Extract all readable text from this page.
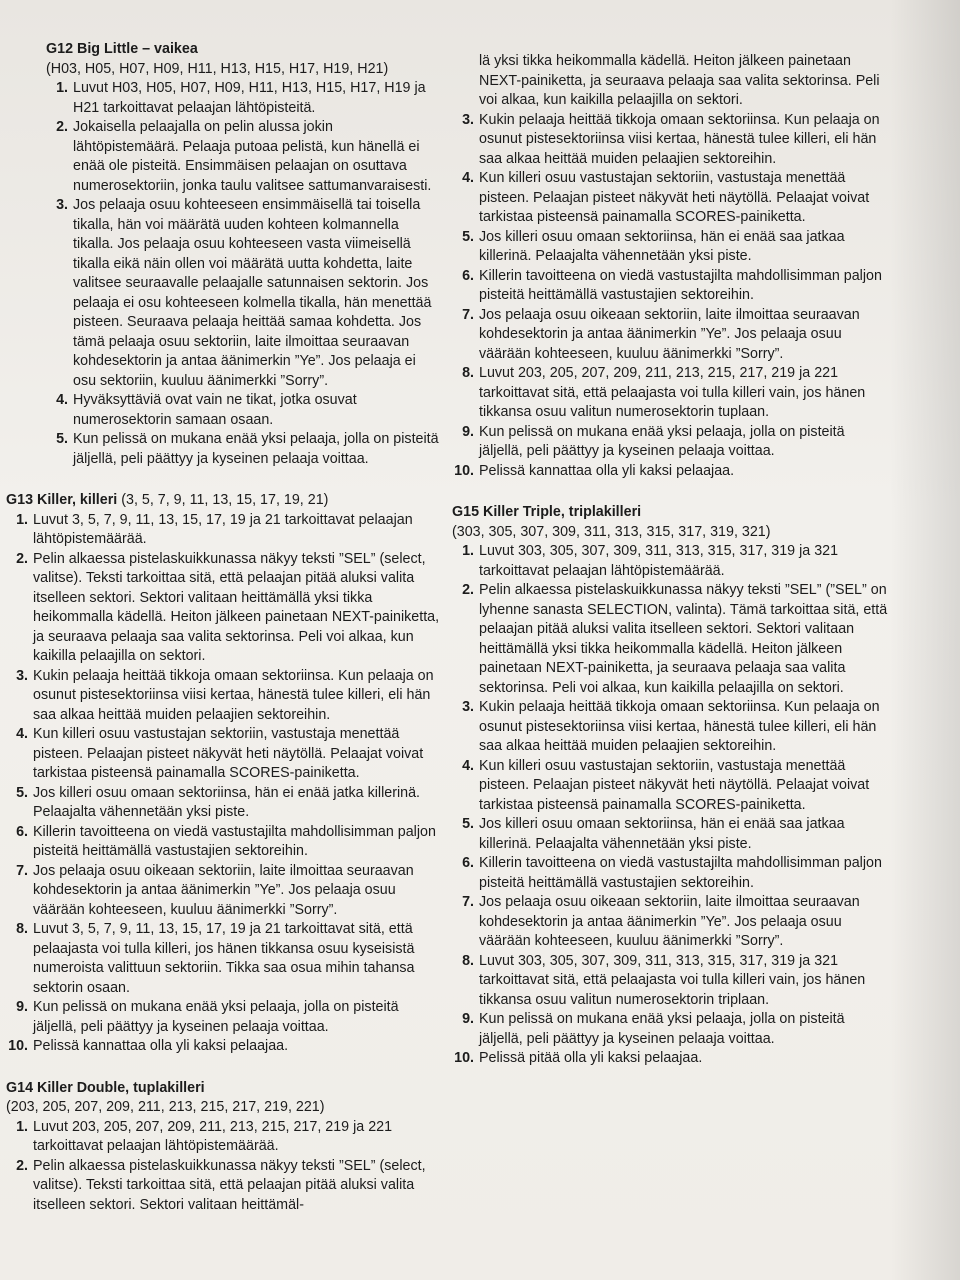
G12 Big Little – vaikea
(H03, H05, H07, H09, H11, H13, H15, H17, H19, H21)
1. Luvut H03, H05, H07, H09, H11, H13, H15, H17, H19 ja H21 tarkoittavat pelaajan lähtöpisteitä.
2. Jokaisella pelaajalla on pelin alussa jokin lähtöpistemäärä. Pelaaja putoaa pelistä, kun hänellä ei enää ole pisteitä. Ensimmäisen pelaajan on osuttava numerosektoriin, jonka taulu valitsee sattumanvaraisesti.
3. Jos pelaaja osuu kohteeseen ensimmäisellä tai toisella tikalla, hän voi määrätä uuden kohteen kolmannella tikalla. Jos pelaaja osuu kohteeseen vasta viimeisellä tikalla eikä näin ollen voi määrätä uutta kohdetta, laite valitsee seuraavalle pelaajalle satunnaisen sektorin. Jos pelaaja ei osu kohteeseen kolmella tikalla, hän menettää pisteen. Seuraava pelaaja heittää samaa kohdetta. Jos tämä pelaaja osuu sektoriin, laite ilmoittaa seuraavan kohdesektorin ja antaa äänimerkin ”Ye”. Jos pelaaja ei osu sektoriin, kuuluu äänimerkki ”Sorry”.
4. Hyväksyttäviä ovat vain ne tikat, jotka osuvat numerosektorin samaan osaan.
5. Kun pelissä on mukana enää yksi pelaaja, jolla on pisteitä jäljellä, peli päättyy ja kyseinen pelaaja voittaa.
G13 Killer, killeri (3, 5, 7, 9, 11, 13, 15, 17, 19, 21)
1. Luvut 3, 5, 7, 9, 11, 13, 15, 17, 19 ja 21 tarkoittavat pelaajan lähtöpistemäärää.
2. Pelin alkaessa pistelaskuikkunassa näkyy teksti ”SEL” (select, valitse). Teksti tarkoittaa sitä, että pelaajan pitää aluksi valita itselleen sektori. Sektori valitaan heittämällä yksi tikka heikommalla kädellä. Heiton jälkeen painetaan NEXT-painiketta, ja seuraava pelaaja saa valita sektorinsa. Peli voi alkaa, kun kaikilla pelaajilla on sektori.
3. Kukin pelaaja heittää tikkoja omaan sektoriinsa. Kun pelaaja on osunut pistesektoriinsa viisi kertaa, hänestä tulee killeri, eli hän saa alkaa heittää muiden pelaajien sektoreihin.
4. Kun killeri osuu vastustajan sektoriin, vastustaja menettää pisteen. Pelaajan pisteet näkyvät heti näytöllä. Pelaajat voivat tarkistaa pisteensä painamalla SCORES-painiketta.
5. Jos killeri osuu omaan sektoriinsa, hän ei enää jatka killerinä. Pelaajalta vähennetään yksi piste.
6. Killerin tavoitteena on viedä vastustajilta mahdollisimman paljon pisteitä heittämällä vastustajien sektoreihin.
7. Jos pelaaja osuu oikeaan sektoriin, laite ilmoittaa seuraavan kohdesektorin ja antaa äänimerkin ”Ye”. Jos pelaaja osuu väärään kohteeseen, kuuluu äänimerkki ”Sorry”.
8. Luvut 3, 5, 7, 9, 11, 13, 15, 17, 19 ja 21 tarkoittavat sitä, että pelaajasta voi tulla killeri, jos hänen tikkansa osuu kyseisistä numeroista valittuun sektoriin. Tikka saa osua mihin tahansa sektorin osaan.
9. Kun pelissä on mukana enää yksi pelaaja, jolla on pisteitä jäljellä, peli päättyy ja kyseinen pelaaja voittaa.
10. Pelissä kannattaa olla yli kaksi pelaajaa.
G14 Killer Double, tuplakilleri
(203, 205, 207, 209, 211, 213, 215, 217, 219, 221)
1. Luvut 203, 205, 207, 209, 211, 213, 215, 217, 219 ja 221 tarkoittavat pelaajan lähtöpistemäärää.
2. Pelin alkaessa pistelaskuikkunassa näkyy teksti ”SEL” (select, valitse). Teksti tarkoittaa sitä, että pelaajan pitää aluksi valita itselleen sektori. Sektori valitaan heittämäl-
lä yksi tikka heikommalla kädellä. Heiton jälkeen painetaan NEXT-painiketta, ja seuraava pelaaja saa valita sektorinsa. Peli voi alkaa, kun kaikilla pelaajilla on sektori.
3. Kukin pelaaja heittää tikkoja omaan sektoriinsa. Kun pelaaja on osunut pistesektoriinsa viisi kertaa, hänestä tulee killeri, eli hän saa alkaa heittää muiden pelaajien sektoreihin.
4. Kun killeri osuu vastustajan sektoriin, vastustaja menettää pisteen. Pelaajan pisteet näkyvät heti näytöllä. Pelaajat voivat tarkistaa pisteensä painamalla SCORES-painiketta.
5. Jos killeri osuu omaan sektoriinsa, hän ei enää saa jatkaa killerinä. Pelaajalta vähennetään yksi piste.
6. Killerin tavoitteena on viedä vastustajilta mahdollisimman paljon pisteitä heittämällä vastustajien sektoreihin.
7. Jos pelaaja osuu oikeaan sektoriin, laite ilmoittaa seuraavan kohdesektorin ja antaa äänimerkin ”Ye”. Jos pelaaja osuu väärään kohteeseen, kuuluu äänimerkki ”Sorry”.
8. Luvut 203, 205, 207, 209, 211, 213, 215, 217, 219 ja 221 tarkoittavat sitä, että pelaajasta voi tulla killeri vain, jos hänen tikkansa osuu valitun numerosektorin tuplaan.
9. Kun pelissä on mukana enää yksi pelaaja, jolla on pisteitä jäljellä, peli päättyy ja kyseinen pelaaja voittaa.
10. Pelissä kannattaa olla yli kaksi pelaajaa.
G15 Killer Triple, triplakilleri
(303, 305, 307, 309, 311, 313, 315, 317, 319, 321)
1. Luvut 303, 305, 307, 309, 311, 313, 315, 317, 319 ja 321 tarkoittavat pelaajan lähtöpistemäärää.
2. Pelin alkaessa pistelaskuikkunassa näkyy teksti ”SEL” (”SEL” on lyhenne sanasta SELECTION, valinta). Tämä tarkoittaa sitä, että pelaajan pitää aluksi valita itselleen sektori. Sektori valitaan heittämällä yksi tikka heikommalla kädellä. Heiton jälkeen painetaan NEXT-painiketta, ja seuraava pelaaja saa valita sektorinsa. Peli voi alkaa, kun kaikilla pelaajilla on sektori.
3. Kukin pelaaja heittää tikkoja omaan sektoriinsa. Kun pelaaja on osunut pistesektoriinsa viisi kertaa, hänestä tulee killeri, eli hän saa alkaa heittää muiden pelaajien sektoreihin.
4. Kun killeri osuu vastustajan sektoriin, vastustaja menettää pisteen. Pelaajan pisteet näkyvät heti näytöllä. Pelaajat voivat tarkistaa pisteensä painamalla SCORES-painiketta.
5. Jos killeri osuu omaan sektoriinsa, hän ei enää saa jatkaa killerinä. Pelaajalta vähennetään yksi piste.
6. Killerin tavoitteena on viedä vastustajilta mahdollisimman paljon pisteitä heittämällä vastustajien sektoreihin.
7. Jos pelaaja osuu oikeaan sektoriin, laite ilmoittaa seuraavan kohdesektorin ja antaa äänimerkin ”Ye”. Jos pelaaja osuu väärään kohteeseen, kuuluu äänimerkki ”Sorry”.
8. Luvut 303, 305, 307, 309, 311, 313, 315, 317, 319 ja 321 tarkoittavat sitä, että pelaajasta voi tulla killeri vain, jos hänen tikkansa osuu valitun numerosektorin triplaan.
9. Kun pelissä on mukana enää yksi pelaaja, jolla on pisteitä jäljellä, peli päättyy ja kyseinen pelaaja voittaa.
10. Pelissä pitää olla yli kaksi pelaajaa.
